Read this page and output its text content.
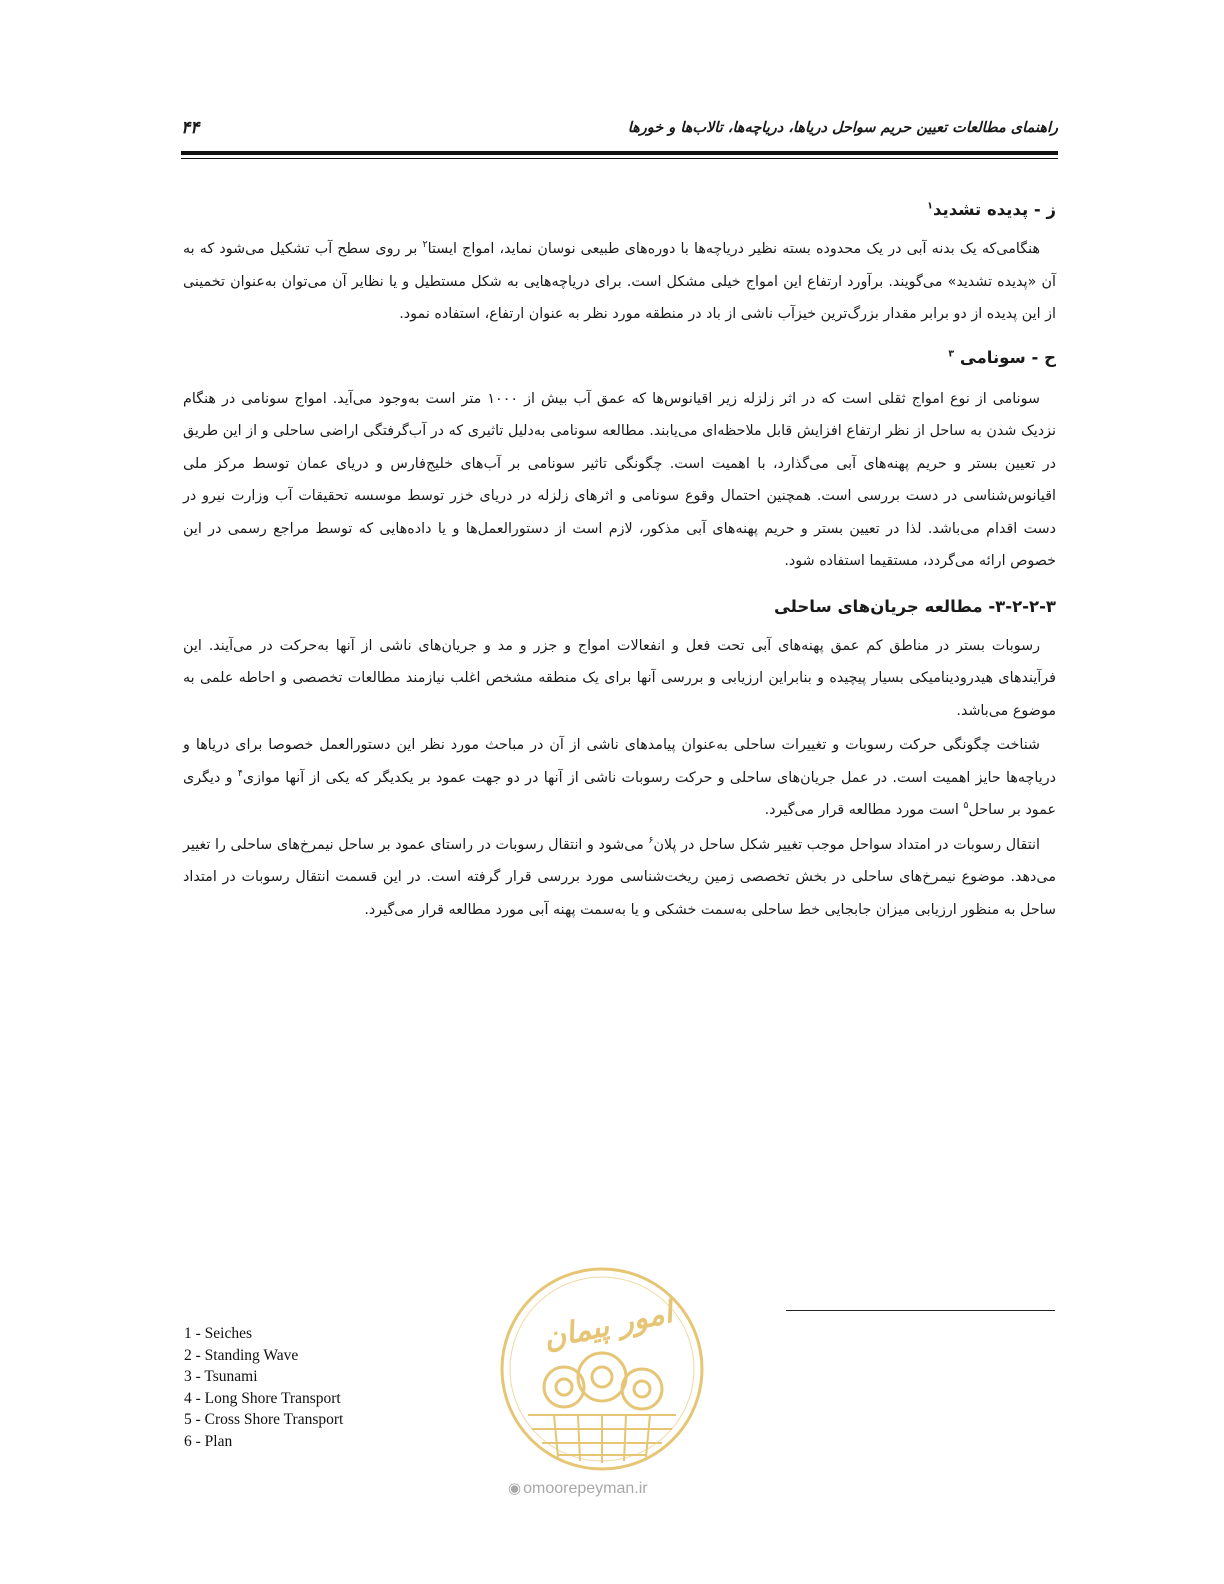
راهنمای مطالعات تعیین حریم سواحل دریاها، دریاچه‌ها، تالاب‌ها و خورها
۴۴
ز - پدیده تشدید$^۱$

هنگامی‌که یک بدنه آبی در یک محدوده بسته نظیر دریاچه‌ها با دوره‌های طبیعی نوسان نماید، امواج ایستا$^۲$ بر روی سطح آب تشکیل می‌شود که به آن «پدیده تشدید» می‌گویند. برآورد ارتفاع این امواج خیلی مشکل است. برای دریاچه‌هایی به شکل مستطیل و یا نظایر آن می‌توان به‌عنوان تخمینی از این پدیده از دو برابر مقدار بزرگ‌ترین خیزآب ناشی از باد در منطقه مورد نظر به عنوان ارتفاع، استفاده نمود.

ح - سونامی $^۳$

سونامی از نوع امواج ثقلی است که در اثر زلزله زیر اقیانوس‌ها که عمق آب بیش از ۱۰۰۰ متر است به‌وجود می‌آید. امواج سونامی در هنگام نزدیک شدن به ساحل از نظر ارتفاع افزایش قابل ملاحظه‌ای می‌یابند. مطالعه سونامی به‌دلیل تاثیری که در آب‌گرفتگی اراضی ساحلی و از این طریق در تعیین بستر و حریم پهنه‌های آبی می‌گذارد، با اهمیت است. چگونگی تاثیر سونامی بر آب‌های خلیج‌فارس و دریای عمان توسط مرکز ملی اقیانوس‌شناسی در دست بررسی است. همچنین احتمال وقوع سونامی و اثرهای زلزله در دریای خزر توسط موسسه تحقیقات آب وزارت نیرو در دست اقدام می‌باشد. لذا در تعیین بستر و حریم پهنه‌های آبی مذکور، لازم است از دستورالعمل‌ها و یا داده‌هایی که توسط مراجع رسمی در این خصوص ارائه می‌گردد، مستقیما استفاده شود.

۳-۲-۲-۳- مطالعه جریان‌های ساحلی

رسوبات بستر در مناطق کم عمق پهنه‌های آبی تحت فعل و انفعالات امواج و جزر و مد و جریان‌های ناشی از آنها به‌حرکت در می‌آیند. این فرآیندهای هیدرودینامیکی بسیار پیچیده و بنابراین ارزیابی و بررسی آنها برای یک منطقه مشخص اغلب نیازمند مطالعات تخصصی و احاطه علمی به موضوع می‌باشد.

شناخت چگونگی حرکت رسوبات و تغییرات ساحلی به‌عنوان پیامدهای ناشی از آن در مباحث مورد نظر این دستورالعمل خصوصا برای دریاها و دریاچه‌ها حایز اهمیت است. در عمل جریان‌های ساحلی و حرکت رسوبات ناشی از آنها در دو جهت عمود بر یکدیگر که یکی از آنها موازی$^۴$ و دیگری عمود بر ساحل$^۵$ است مورد مطالعه قرار می‌گیرد.

انتقال رسوبات در امتداد سواحل موجب تغییر شکل ساحل در پلان$^۶$ می‌شود و انتقال رسوبات در راستای عمود بر ساحل نیمرخ‌های ساحلی را تغییر می‌دهد. موضوع نیمرخ‌های ساحلی در بخش تخصصی زمین ریخت‌شناسی مورد بررسی قرار گرفته است. در این قسمت انتقال رسوبات در امتداد ساحل به منظور ارزیابی میزان جابجایی خط ساحلی به‌سمت خشکی و یا به‌سمت پهنه آبی مورد مطالعه قرار می‌گیرد.

1 - Seiches
2 - Standing Wave
3 - Tsunami
4 - Long Shore Transport
5 - Cross Shore Transport
6 - Plan
امور پیمان
◉ omoorepeyman.ir
